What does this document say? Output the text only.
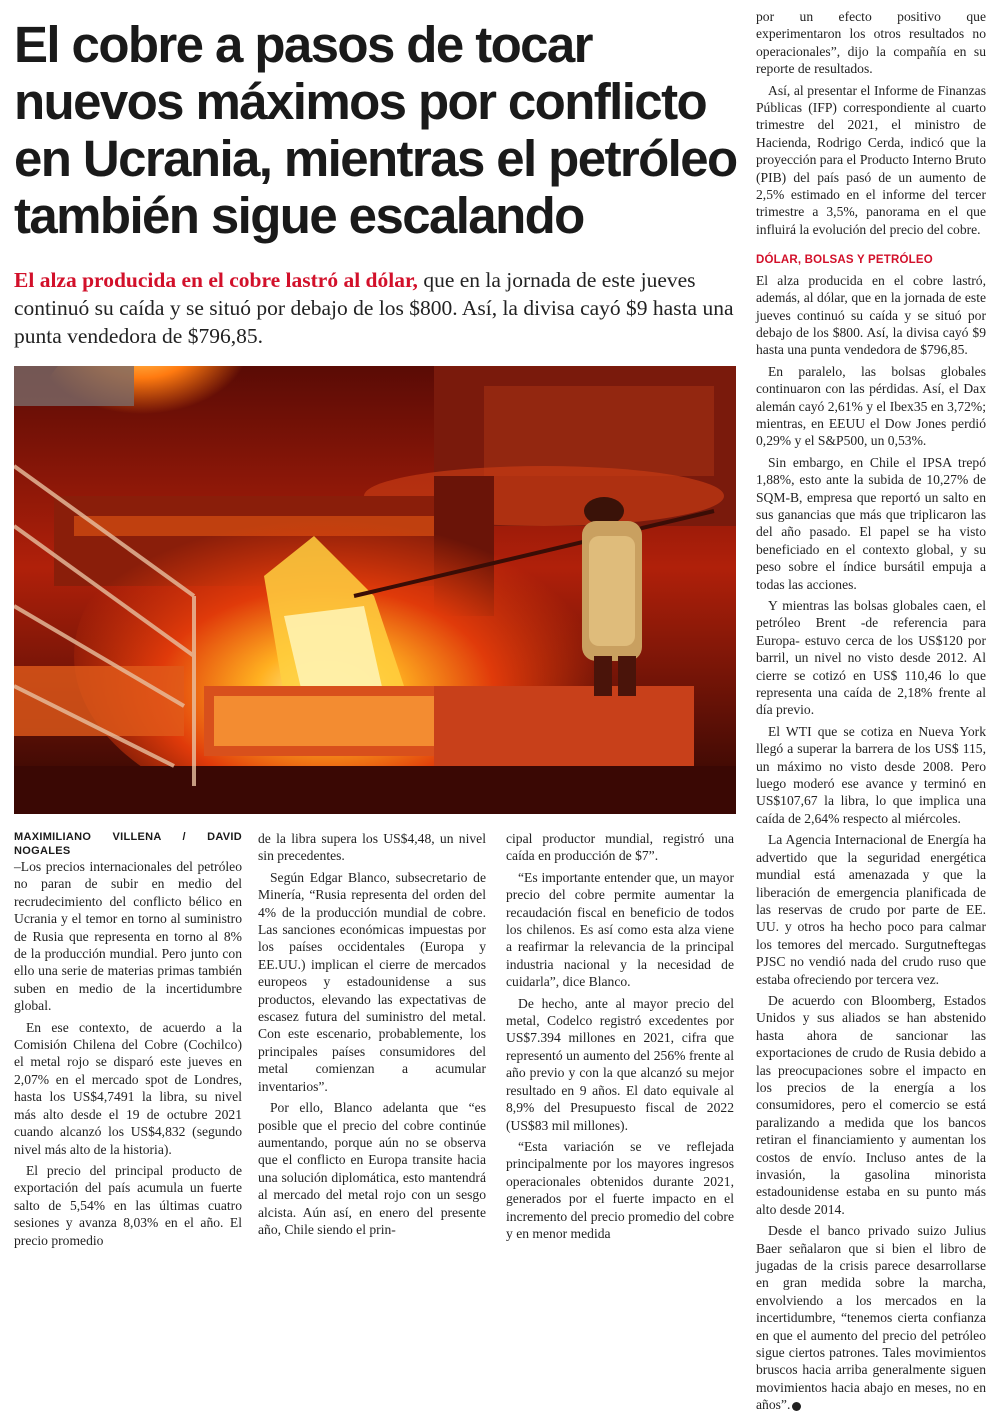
El cobre a pasos de tocar nuevos máximos por conflicto en Ucrania, mientras el petróleo también sigue escalando

El alza producida en el cobre lastró al dólar, que en la jornada de este jueves continuó su caída y se situó por debajo de los $800. Así, la divisa cayó $9 hasta una punta vendedora de $796,85.

MAXIMILIANO VILLENA / DAVID NOGALES

–Los precios internacionales del petróleo no paran de subir en medio del recrudecimiento del conflicto bélico en Ucrania y el temor en torno al suministro de Rusia que representa en torno al 8% de la producción mundial. Pero junto con ello una serie de materias primas también suben en medio de la incertidumbre global.

En ese contexto, de acuerdo a la Comisión Chilena del Cobre (Cochilco) el metal rojo se disparó este jueves en 2,07% en el mercado spot de Londres, hasta los US$4,7491 la libra, su nivel más alto desde el 19 de octubre 2021 cuando alcanzó los US$4,832 (segundo nivel más alto de la historia).

El precio del principal producto de exportación del país acumula un fuerte salto de 5,54% en las últimas cuatro sesiones y avanza 8,03% en el año. El precio promedio

de la libra supera los US$4,48, un nivel sin precedentes.

Según Edgar Blanco, subsecretario de Minería, “Rusia representa del orden del 4% de la producción mundial de cobre. Las sanciones económicas impuestas por los países occidentales (Europa y EE.UU.) implican el cierre de mercados europeos y estadounidense a sus productos, elevando las expectativas de escasez futura del suministro del metal. Con este escenario, probablemente, los principales países consumidores del metal comienzan a acumular inventarios”.

Por ello, Blanco adelanta que “es posible que el precio del cobre continúe aumentando, porque aún no se observa que el conflicto en Europa transite hacia una solución diplomática, esto mantendrá al mercado del metal rojo con un sesgo alcista. Aún así, en enero del presente año, Chile siendo el prin-

cipal productor mundial, registró una caída en producción de $7”.

“Es importante entender que, un mayor precio del cobre permite aumentar la recaudación fiscal en beneficio de todos los chilenos. Es así como esta alza viene a reafirmar la relevancia de la principal industria nacional y la necesidad de cuidarla”, dice Blanco.

De hecho, ante al mayor precio del metal, Codelco registró excedentes por US$7.394 millones en 2021, cifra que representó un aumento del 256% frente al año previo y con la que alcanzó su mejor resultado en 9 años. El dato equivale al 8,9% del Presupuesto fiscal de 2022 (US$83 mil millones).

“Esta variación se ve reflejada principalmente por los mayores ingresos operacionales obtenidos durante 2021, generados por el fuerte impacto en el incremento del precio promedio del cobre y en menor medida

por un efecto positivo que experimentaron los otros resultados no operacionales”, dijo la compañía en su reporte de resultados.

Así, al presentar el Informe de Finanzas Públicas (IFP) correspondiente al cuarto trimestre del 2021, el ministro de Hacienda, Rodrigo Cerda, indicó que la proyección para el Producto Interno Bruto (PIB) del país pasó de un aumento de 2,5% estimado en el informe del tercer trimestre a 3,5%, panorama en el que influirá la evolución del precio del cobre.

DÓLAR, BOLSAS Y PETRÓLEO

El alza producida en el cobre lastró, además, al dólar, que en la jornada de este jueves continuó su caída y se situó por debajo de los $800. Así, la divisa cayó $9 hasta una punta vendedora de $796,85.

En paralelo, las bolsas globales continuaron con las pérdidas. Así, el Dax alemán cayó 2,61% y el Ibex35 en 3,72%; mientras, en EEUU el Dow Jones perdió 0,29% y el S&P500, un 0,53%.

Sin embargo, en Chile el IPSA trepó 1,88%, esto ante la subida de 10,27% de SQM-B, empresa que reportó un salto en sus ganancias que más que triplicaron las del año pasado. El papel se ha visto beneficiado en el contexto global, y su peso sobre el índice bursátil empuja a todas las acciones.

Y mientras las bolsas globales caen, el petróleo Brent -de referencia para Europa- estuvo cerca de los US$120 por barril, un nivel no visto desde 2012. Al cierre se cotizó en US$ 110,46 lo que representa una caída de 2,18% frente al día previo.

El WTI que se cotiza en Nueva York llegó a superar la barrera de los US$ 115, un máximo no visto desde 2008. Pero luego moderó ese avance y terminó en US$107,67 la libra, lo que implica una caída de 2,64% respecto al miércoles.

La Agencia Internacional de Energía ha advertido que la seguridad energética mundial está amenazada y que la liberación de emergencia planificada de las reservas de crudo por parte de EE. UU. y otros ha hecho poco para calmar los temores del mercado. Surgutneftegas PJSC no vendió nada del crudo ruso que estaba ofreciendo por tercera vez.

De acuerdo con Bloomberg, Estados Unidos y sus aliados se han abstenido hasta ahora de sancionar las exportaciones de crudo de Rusia debido a las preocupaciones sobre el impacto en los precios de la energía a los consumidores, pero el comercio se está paralizando a medida que los bancos retiran el financiamiento y aumentan los costos de envío. Incluso antes de la invasión, la gasolina minorista estadounidense estaba en su punto más alto desde 2014.

Desde el banco privado suizo Julius Baer señalaron que si bien el libro de jugadas de la crisis parece desarrollarse en gran medida sobre la marcha, envolviendo a los mercados en la incertidumbre, “tenemos cierta confianza en que el aumento del precio del petróleo sigue ciertos patrones. Tales movimientos bruscos hacia arriba generalmente siguen movimientos hacia abajo en meses, no en años”.
